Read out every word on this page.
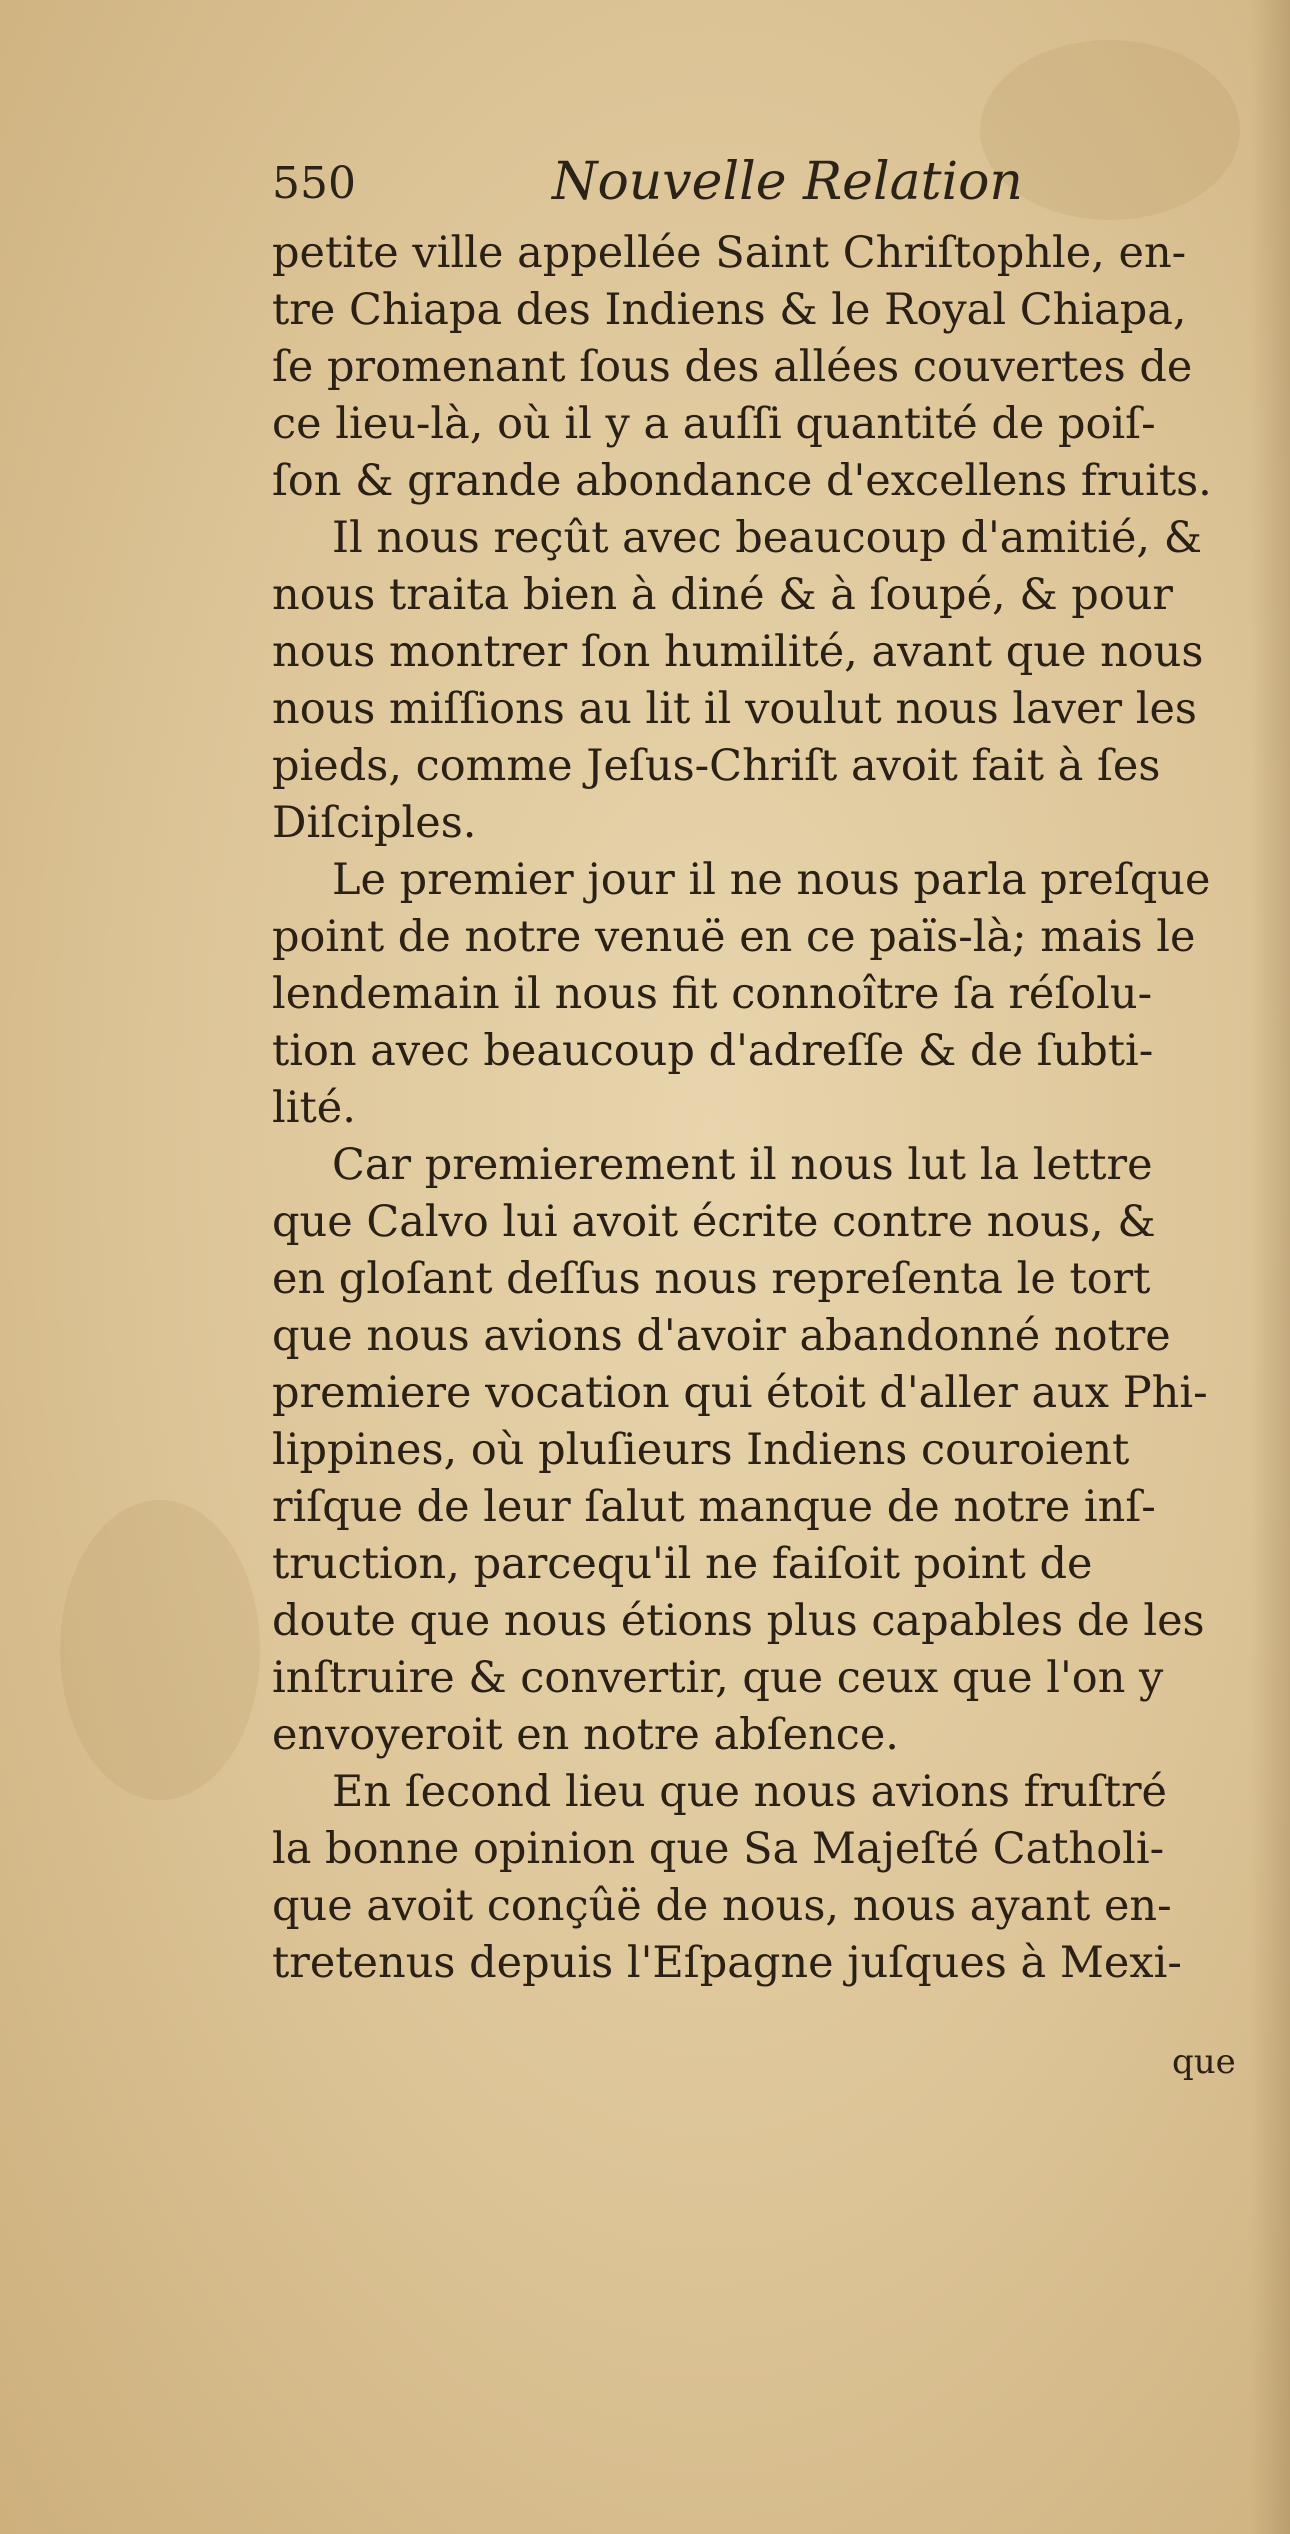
550	Nouvelle Relation
petite ville appellée Saint Chriſtophle, en-
tre Chiapa des Indiens & le Royal Chiapa,
ſe promenant ſous des allées couvertes de
ce lieu-là, où il y a auſſi quantité de poiſ-
ſon & grande abondance d'excellens fruits.
Il nous reçût avec beaucoup d'amitié, &
nous traita bien à diné & à ſoupé, & pour
nous montrer ſon humilité, avant que nous
nous miſſions au lit il voulut nous laver les
pieds, comme Jeſus-Chriſt avoit fait à ſes
Diſciples.
Le premier jour il ne nous parla preſque
point de notre venuë en ce païs-là; mais le
lendemain il nous fit connoître ſa réſolu-
tion avec beaucoup d'adreſſe & de ſubti-
lité.
Car premierement il nous lut la lettre
que Calvo lui avoit écrite contre nous, &
en gloſant deſſus nous repreſenta le tort
que nous avions d'avoir abandonné notre
premiere vocation qui étoit d'aller aux Phi-
lippines, où pluſieurs Indiens couroient
riſque de leur ſalut manque de notre inſ-
truction, parcequ'il ne faiſoit point de
doute que nous étions plus capables de les
inſtruire & convertir, que ceux que l'on y
envoyeroit en notre abſence.
En ſecond lieu que nous avions fruſtré
la bonne opinion que Sa Majeſté Catholi-
que avoit conçûë de nous, nous ayant en-
tretenus depuis l'Eſpagne juſques à Mexi-
que
